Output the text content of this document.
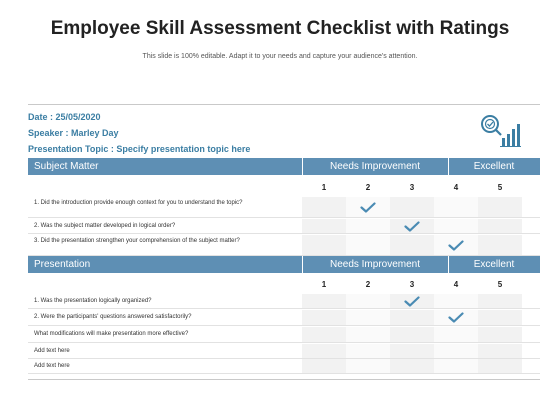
Employee Skill Assessment Checklist with Ratings
This slide is 100% editable. Adapt it to your needs and capture your audience's attention.
Date : 25/05/2020
Speaker : Marley Day
Presentation Topic : Specify presentation topic here
Subject Matter	Needs Improvement	Excellent
1	2	3	4	5
1. Did the introduction provide enough context for you to understand the topic?
2. Was the subject matter developed in logical order?
3. Did the presentation strengthen your comprehension of the subject matter?
Presentation	Needs Improvement	Excellent
1	2	3	4	5
1. Was the presentation logically organized?
2. Were the participants' questions answered satisfactorily?
What modifications will make presentation more effective?
Add text here
Add text here
